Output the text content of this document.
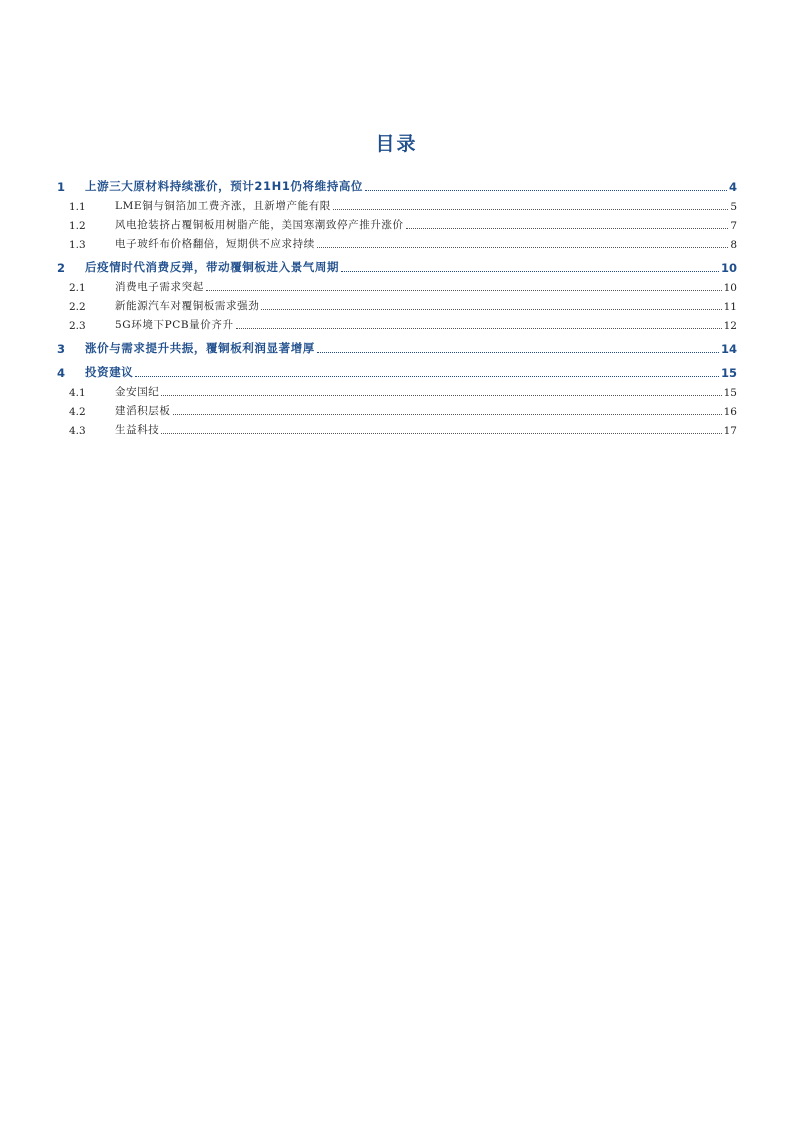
目录
1	上游三大原材料持续涨价，预计21H1仍将维持高位	4
1.1	LME铜与铜箔加工费齐涨，且新增产能有限	5
1.2	风电抢装挤占覆铜板用树脂产能，美国寒潮致停产推升涨价	7
1.3	电子玻纤布价格翻倍，短期供不应求持续	8
2	后疫情时代消费反弹，带动覆铜板进入景气周期	10
2.1	消费电子需求突起	10
2.2	新能源汽车对覆铜板需求强劲	11
2.3	5G环境下PCB量价齐升	12
3	涨价与需求提升共振，覆铜板利润显著增厚	14
4	投资建议	15
4.1	金安国纪	15
4.2	建滔积层板	16
4.3	生益科技	17
